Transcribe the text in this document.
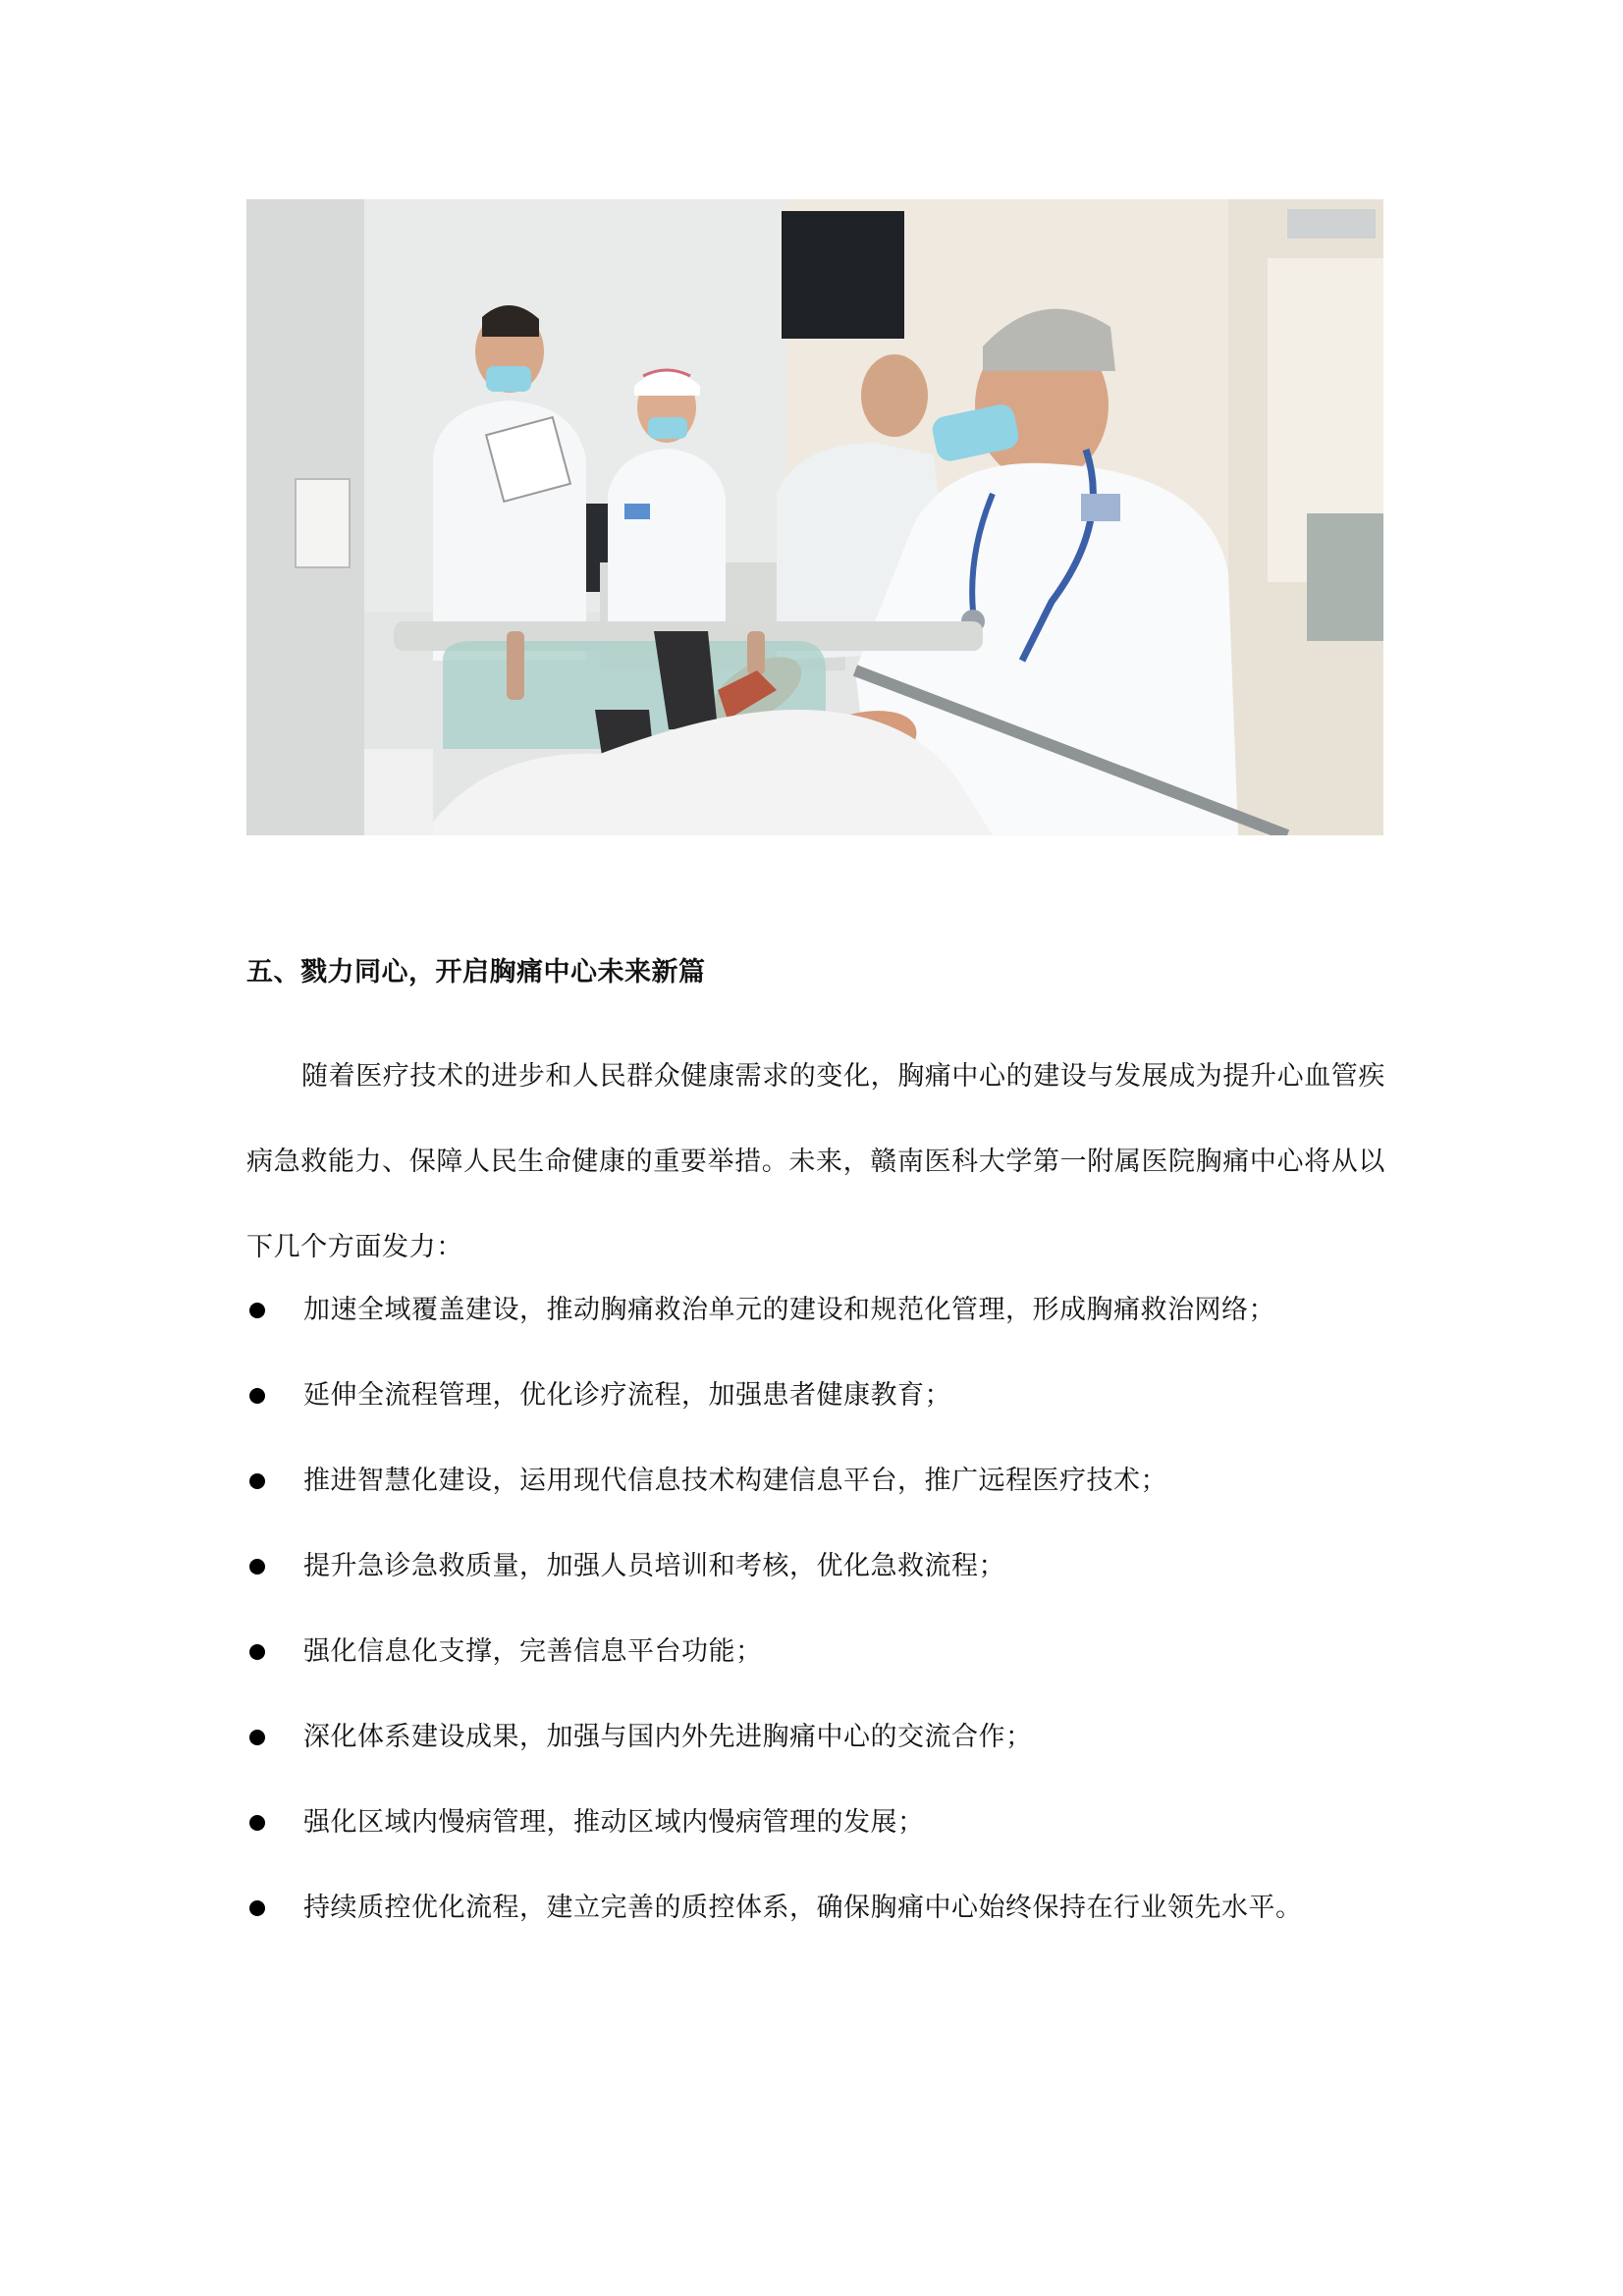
五、戮力同心，开启胸痛中心未来新篇
随着医疗技术的进步和人民群众健康需求的变化，胸痛中心的建设与发展成为提升心血管疾病急救能力、保障人民生命健康的重要举措。未来，赣南医科大学第一附属医院胸痛中心将从以下几个方面发力：
加速全域覆盖建设，推动胸痛救治单元的建设和规范化管理，形成胸痛救治网络；
延伸全流程管理，优化诊疗流程，加强患者健康教育；
推进智慧化建设，运用现代信息技术构建信息平台，推广远程医疗技术；
提升急诊急救质量，加强人员培训和考核，优化急救流程；
强化信息化支撑，完善信息平台功能；
深化体系建设成果，加强与国内外先进胸痛中心的交流合作；
强化区域内慢病管理，推动区域内慢病管理的发展；
持续质控优化流程，建立完善的质控体系，确保胸痛中心始终保持在行业领先水平。
